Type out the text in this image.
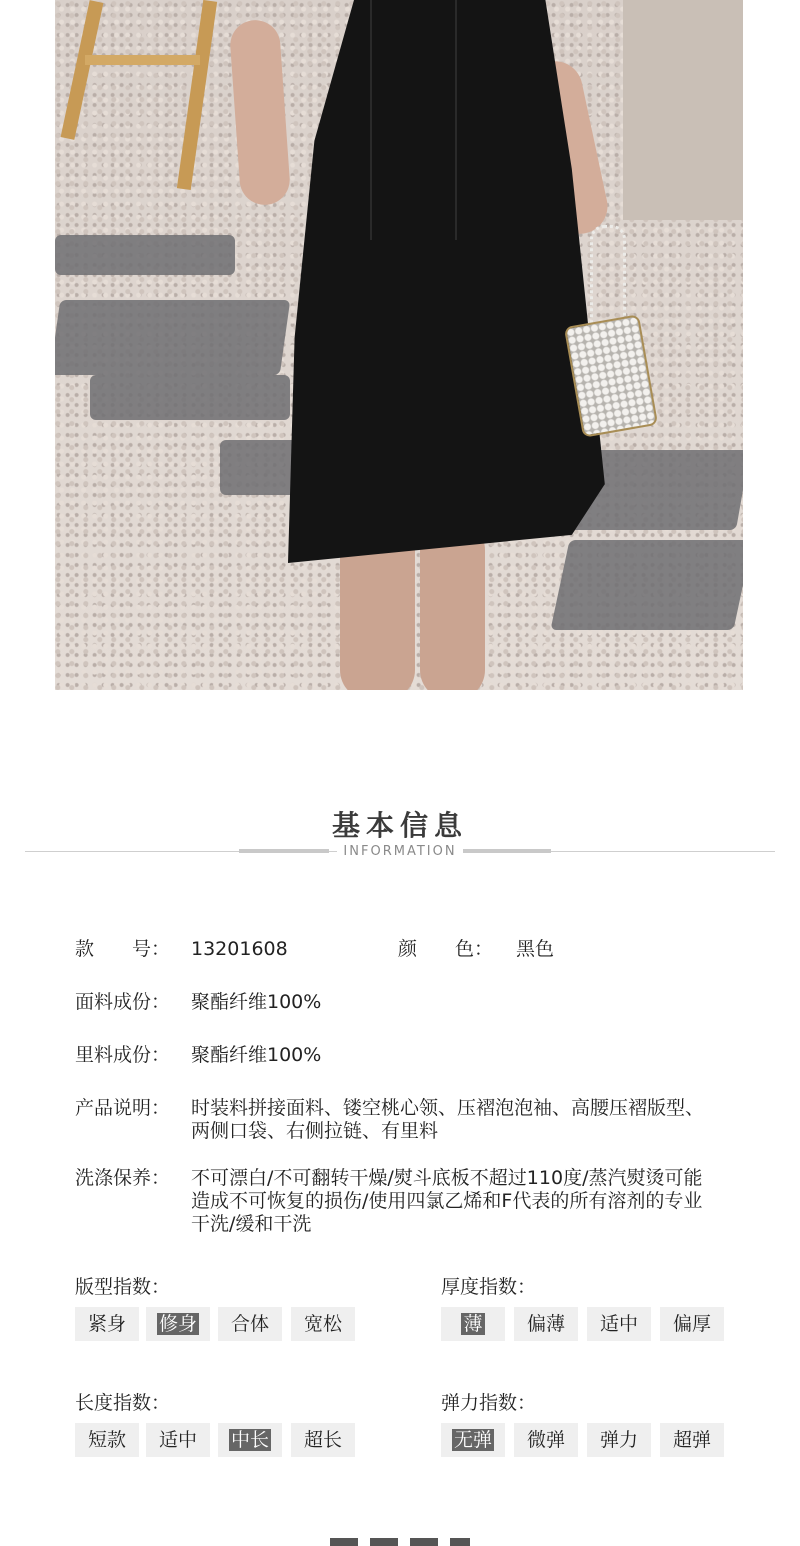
基本信息
INFORMATION
款　　号： 13201608	颜　　色： 黑色
面料成份： 聚酯纤维100%
里料成份： 聚酯纤维100%
产品说明： 时装料拼接面料、镂空桃心领、压褶泡泡袖、高腰压褶版型、两侧口袋、右侧拉链、有里料
洗涤保养： 不可漂白/不可翻转干燥/熨斗底板不超过110度/蒸汽熨烫可能造成不可恢复的损伤/使用四氯乙烯和F代表的所有溶剂的专业干洗/缓和干洗
版型指数：
紧身	修身	合体	宽松
厚度指数：
薄	偏薄	适中	偏厚
长度指数：
短款	适中	中长	超长
弹力指数：
无弹	微弹	弹力	超弹
